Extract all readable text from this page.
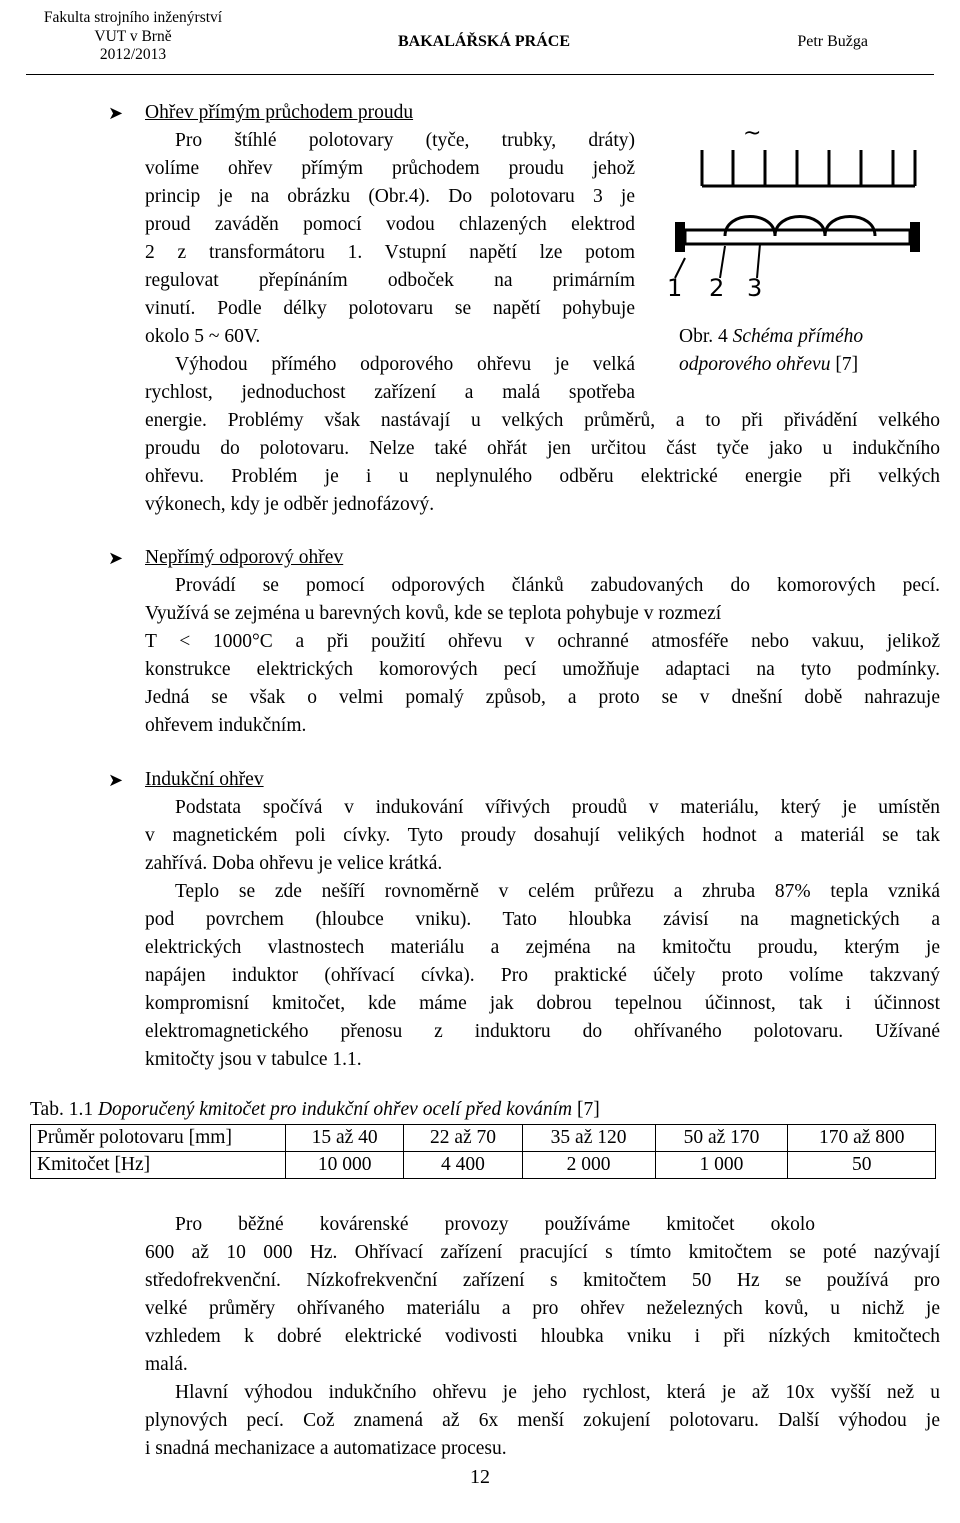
Fakulta strojního inženýrství
VUT v Brně
2012/2013
BAKALÁŘSKÁ PRÁCE	Petr Bužga
➤ Ohřev přímým průchodem proudu
Pro štíhlé polotovary (tyče, trubky, dráty)
volíme ohřev přímým průchodem proudu jehož
princip je na obrázku (Obr.4). Do polotovaru 3 je
proud zaváděn pomocí vodou chlazených elektrod
2 z transformátoru 1. Vstupní napětí lze potom
regulovat přepínáním odboček na primárním
vinutí. Podle délky polotovaru se napětí pohybuje
okolo 5 ~ 60V.
Výhodou přímého odporového ohřevu je velká
rychlost, jednoduchost zařízení a malá spotřeba
energie. Problémy však nastávají u velkých průměrů, a to při přivádění velkého
proudu do polotovaru. Nelze také ohřát jen určitou část tyče jako u indukčního
ohřevu. Problém je i u neplynulého odběru elektrické energie při velkých
výkonech, kdy je odběr jednofázový.
~
1 2 3
Obr. 4 Schéma přímého
odporového ohřevu [7]
➤ Nepřímý odporový ohřev
Provádí se pomocí odporových článků zabudovaných do komorových pecí.
Využívá se zejména u barevných kovů, kde se teplota pohybuje v rozmezí
T < 1000°C a při použití ohřevu v ochranné atmosféře nebo vakuu, jelikož
konstrukce elektrických komorových pecí umožňuje adaptaci na tyto podmínky.
Jedná se však o velmi pomalý způsob, a proto se v dnešní době nahrazuje
ohřevem indukčním.
➤ Indukční ohřev
Podstata spočívá v indukování vířivých proudů v materiálu, který je umístěn
v magnetickém poli cívky. Tyto proudy dosahují velikých hodnot a materiál se tak
zahřívá. Doba ohřevu je velice krátká.
Teplo se zde nešíří rovnoměrně v celém průřezu a zhruba 87% tepla vzniká
pod povrchem (hloubce vniku). Tato hloubka závisí na magnetických a
elektrických vlastnostech materiálu a zejména na kmitočtu proudu, kterým je
napájen induktor (ohřívací cívka). Pro praktické účely proto volíme takzvaný
kompromisní kmitočet, kde máme jak dobrou tepelnou účinnost, tak i účinnost
elektromagnetického přenosu z induktoru do ohřívaného polotovaru. Užívané
kmitočty jsou v tabulce 1.1.
Tab. 1.1 Doporučený kmitočet pro indukční ohřev ocelí před kováním [7]
Průměr polotovaru [mm]	15 až 40	22 až 70	35 až 120	50 až 170	170 až 800
Kmitočet [Hz]	10 000	4 400	2 000	1 000	50
Pro běžné kovárenské provozy používáme kmitočet okolo
600 až 10 000 Hz. Ohřívací zařízení pracující s tímto kmitočtem se poté nazývají
středofrekvenční. Nízkofrekvenční zařízení s kmitočtem 50 Hz se používá pro
velké průměry ohřívaného materiálu a pro ohřev neželezných kovů, u nichž je
vzhledem k dobré elektrické vodivosti hloubka vniku i při nízkých kmitočtech
malá.
Hlavní výhodou indukčního ohřevu je jeho rychlost, která je až 10x vyšší než u
plynových pecí. Což znamená až 6x menší zokujení polotovaru. Další výhodou je
i snadná mechanizace a automatizace procesu.
12
